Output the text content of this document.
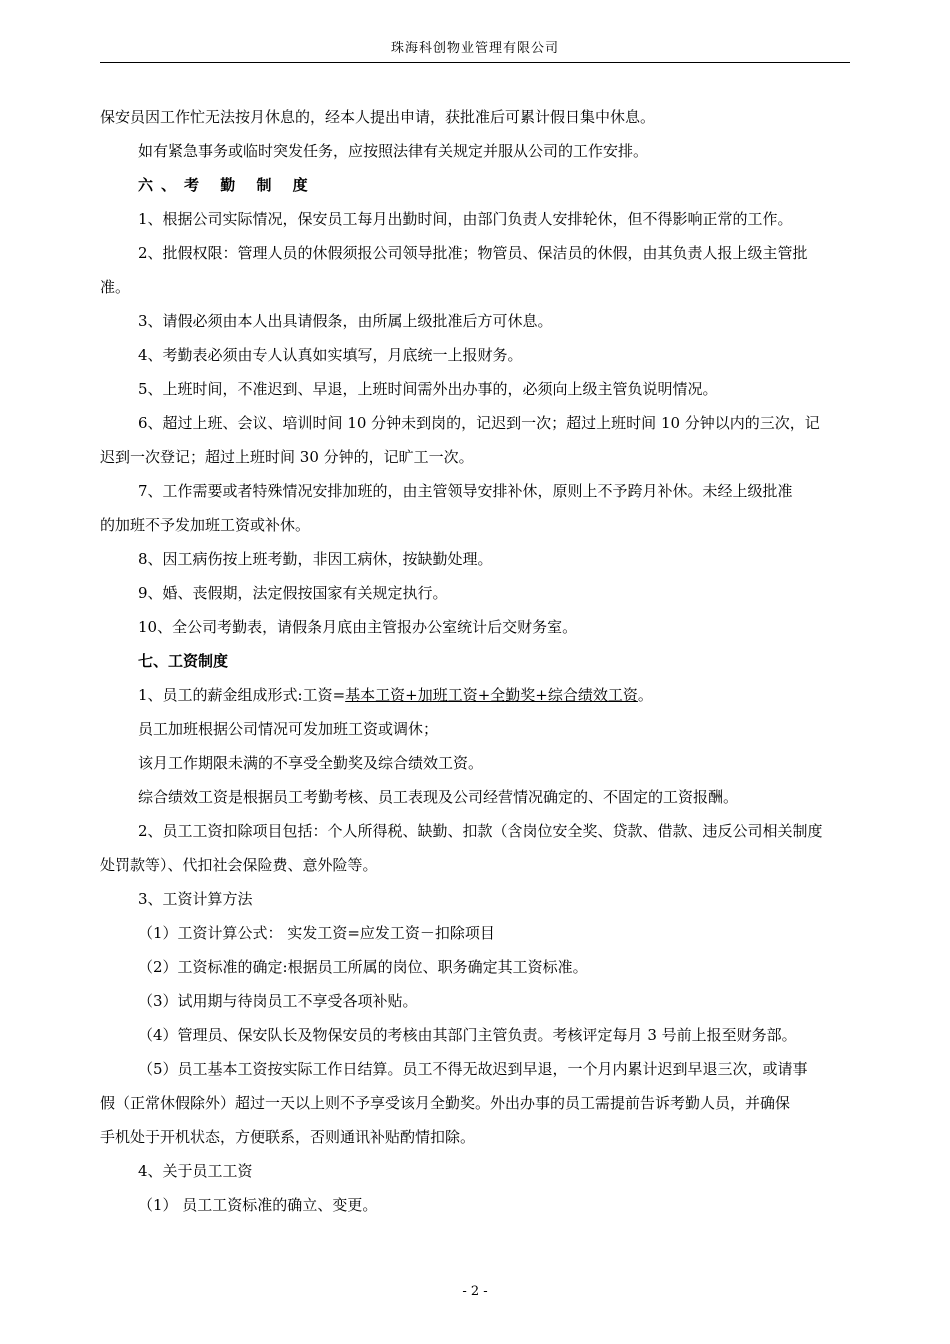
珠海科创物业管理有限公司

保安员因工作忙无法按月休息的，经本人提出申请，获批准后可累计假日集中休息。

如有紧急事务或临时突发任务，应按照法律有关规定并服从公司的工作安排。

六、考 勤 制 度

1、根据公司实际情况，保安员工每月出勤时间，由部门负责人安排轮休，但不得影响正常的工作。

2、批假权限：管理人员的休假须报公司领导批准；物管员、保洁员的休假，由其负责人报上级主管批

准。

3、请假必须由本人出具请假条，由所属上级批准后方可休息。

4、考勤表必须由专人认真如实填写，月底统一上报财务。

5、上班时间，不准迟到、早退，上班时间需外出办事的，必须向上级主管负说明情况。

6、超过上班、会议、培训时间 10 分钟未到岗的，记迟到一次；超过上班时间 10 分钟以内的三次，记

迟到一次登记；超过上班时间 30 分钟的，记旷工一次。

7、工作需要或者特殊情况安排加班的，由主管领导安排补休，原则上不予跨月补休。未经上级批准

的加班不予发加班工资或补休。

8、因工病伤按上班考勤，非因工病休，按缺勤处理。

9、婚、丧假期，法定假按国家有关规定执行。

10、全公司考勤表，请假条月底由主管报办公室统计后交财务室。

七、工资制度

1、员工的薪金组成形式:工资=基本工资+加班工资+全勤奖+综合绩效工资。

员工加班根据公司情况可发加班工资或调休；

该月工作期限未满的不享受全勤奖及综合绩效工资。

综合绩效工资是根据员工考勤考核、员工表现及公司经营情况确定的、不固定的工资报酬。

2、员工工资扣除项目包括：个人所得税、缺勤、扣款（含岗位安全奖、贷款、借款、违反公司相关制度

处罚款等）、代扣社会保险费、意外险等。

3、工资计算方法

（1）工资计算公式： 实发工资=应发工资－扣除项目

（2）工资标准的确定:根据员工所属的岗位、职务确定其工资标准。

（3）试用期与待岗员工不享受各项补贴。

（4）管理员、保安队长及物保安员的考核由其部门主管负责。考核评定每月 3 号前上报至财务部。

（5）员工基本工资按实际工作日结算。员工不得无故迟到早退，一个月内累计迟到早退三次，或请事

假（正常休假除外）超过一天以上则不予享受该月全勤奖。外出办事的员工需提前告诉考勤人员，并确保

手机处于开机状态，方便联系，否则通讯补贴酌情扣除。

4、关于员工工资

（1） 员工工资标准的确立、变更。

- 2 -
